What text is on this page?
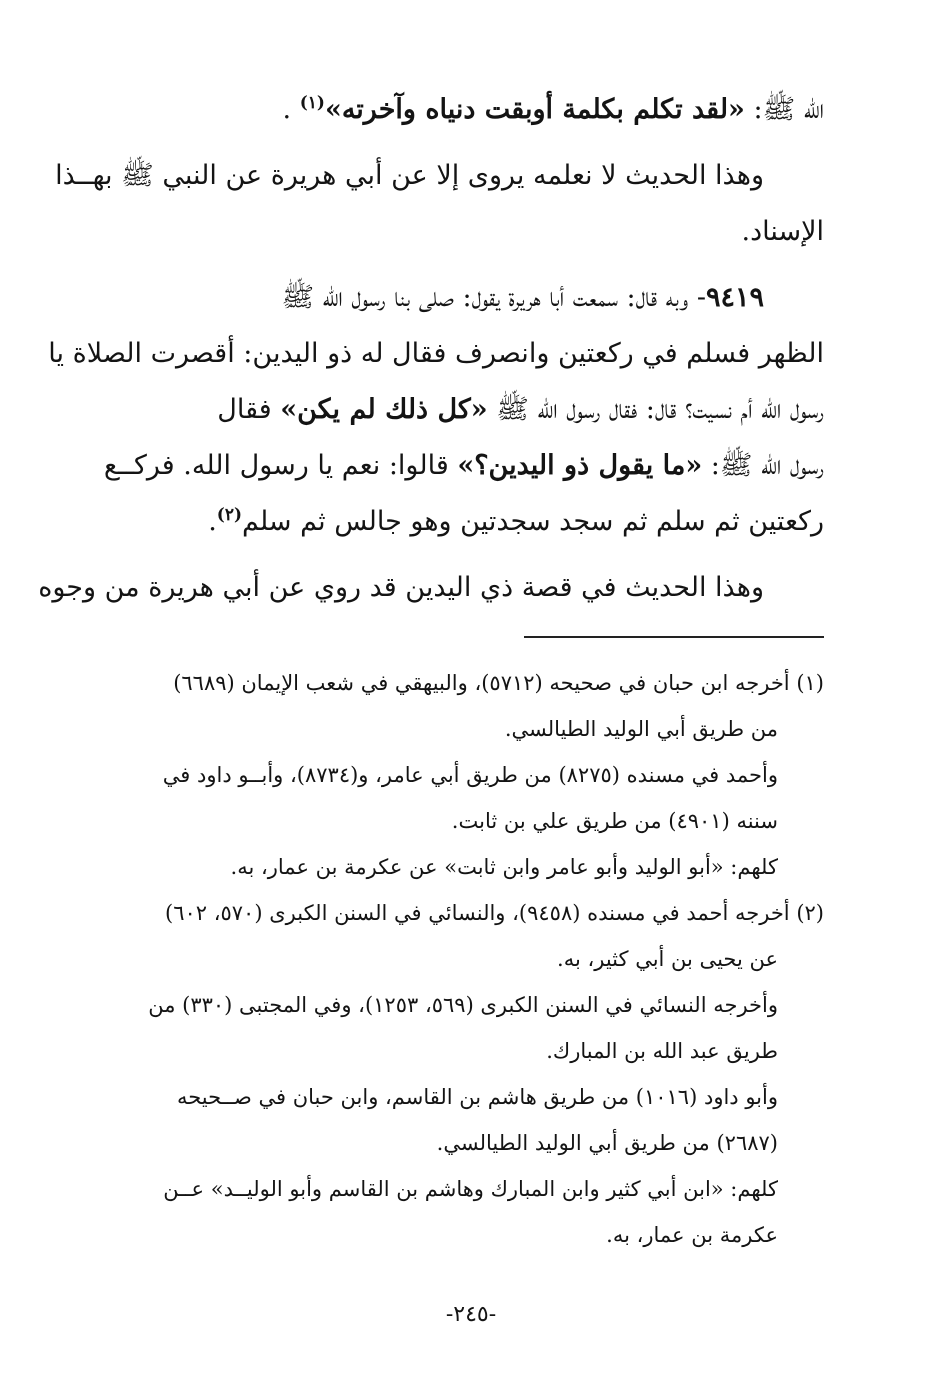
الله ﷺ: «لقد تكلم بكلمة أوبقت دنياه وآخرته»$^{(١)}$ .
وهذا الحديث لا نعلمه يروى إلا عن أبي هريرة عن النبي ﷺ بهــذا
الإسناد.
٩٤١٩- وبه قال: سمعت أبا هريرة يقول: صلى بنا رسول الله ﷺ
الظهر فسلم في ركعتين وانصرف فقال له ذو اليدين: أقصرت الصلاة يا
رسول الله أم نسيت؟ قال: فقال رسول الله ﷺ «كل ذلك لم يكن» فقال
رسول الله ﷺ: «ما يقول ذو اليدين؟» قالوا: نعم يا رسول الله. فركــع
ركعتين ثم سلم ثم سجد سجدتين وهو جالس ثم سلم$^{(٢)}$.
وهذا الحديث في قصة ذي اليدين قد روي عن أبي هريرة من وجوه
(١) أخرجه ابن حبان في صحيحه (٥٧١٢)، والبيهقي في شعب الإيمان (٦٦٨٩)
من طريق أبي الوليد الطيالسي.
وأحمد في مسنده (٨٢٧٥) من طريق أبي عامر، و(٨٧٣٤)، وأبــو داود في
سننه (٤٩٠١) من طريق علي بن ثابت.
كلهم: «أبو الوليد وأبو عامر وابن ثابت» عن عكرمة بن عمار، به.
(٢) أخرجه أحمد في مسنده (٩٤٥٨)، والنسائي في السنن الكبرى (٥٧٠، ٦٠٢)
عن يحيى بن أبي كثير، به.
وأخرجه النسائي في السنن الكبرى (٥٦٩، ١٢٥٣)، وفي المجتبى (٣٣٠) من
طريق عبد الله بن المبارك.
وأبو داود (١٠١٦) من طريق هاشم بن القاسم، وابن حبان في صــحيحه
(٢٦٨٧) من طريق أبي الوليد الطيالسي.
كلهم: «ابن أبي كثير وابن المبارك وهاشم بن القاسم وأبو الوليــد» عــن
عكرمة بن عمار، به.
-٢٤٥-
